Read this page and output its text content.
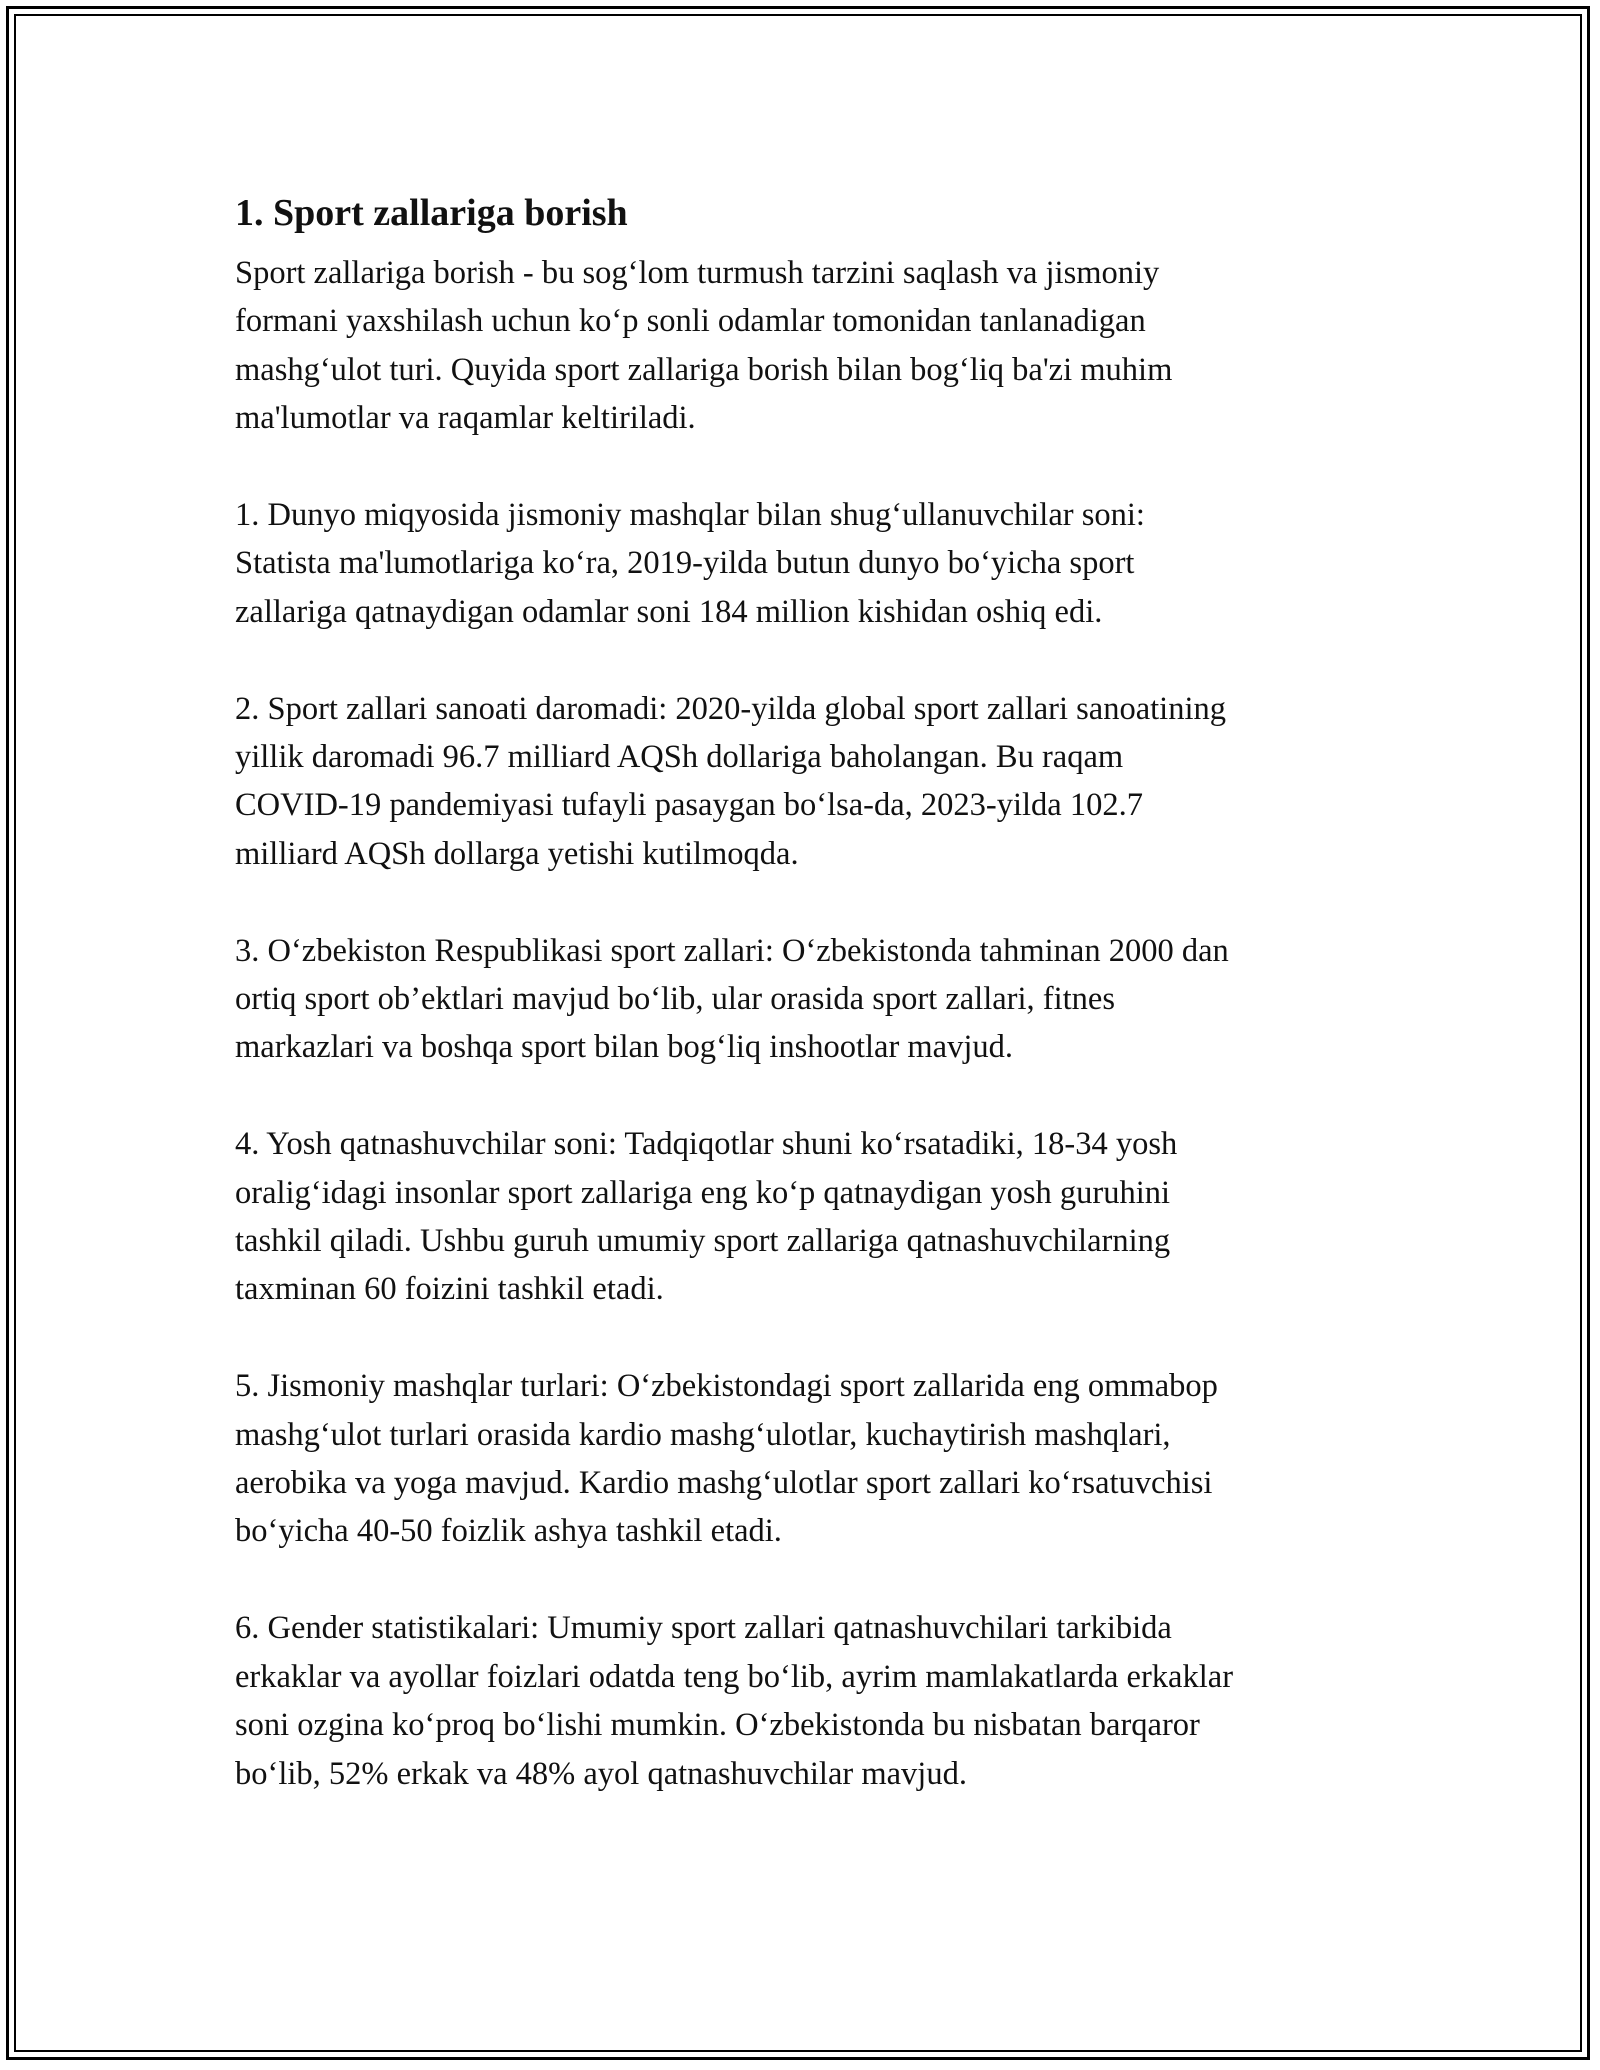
1. Sport zallariga borish
Sport zallariga borish - bu sog‘lom turmush tarzini saqlash va jismoniy
formani yaxshilash uchun ko‘p sonli odamlar tomonidan tanlanadigan
mashg‘ulot turi. Quyida sport zallariga borish bilan bog‘liq ba'zi muhim
ma'lumotlar va raqamlar keltiriladi.
1. Dunyo miqyosida jismoniy mashqlar bilan shug‘ullanuvchilar soni:
Statista ma'lumotlariga ko‘ra, 2019-yilda butun dunyo bo‘yicha sport
zallariga qatnaydigan odamlar soni 184 million kishidan oshiq edi.
2. Sport zallari sanoati daromadi: 2020-yilda global sport zallari sanoatining
yillik daromadi 96.7 milliard AQSh dollariga baholangan. Bu raqam
COVID-19 pandemiyasi tufayli pasaygan bo‘lsa-da, 2023-yilda 102.7
milliard AQSh dollarga yetishi kutilmoqda.
3. O‘zbekiston Respublikasi sport zallari: O‘zbekistonda tahminan 2000 dan
ortiq sport ob’ektlari mavjud bo‘lib, ular orasida sport zallari, fitnes
markazlari va boshqa sport bilan bog‘liq inshootlar mavjud.
4. Yosh qatnashuvchilar soni: Tadqiqotlar shuni ko‘rsatadiki, 18-34 yosh
oralig‘idagi insonlar sport zallariga eng ko‘p qatnaydigan yosh guruhini
tashkil qiladi. Ushbu guruh umumiy sport zallariga qatnashuvchilarning
taxminan 60 foizini tashkil etadi.
5. Jismoniy mashqlar turlari: O‘zbekistondagi sport zallarida eng ommabop
mashg‘ulot turlari orasida kardio mashg‘ulotlar, kuchaytirish mashqlari,
aerobika va yoga mavjud. Kardio mashg‘ulotlar sport zallari ko‘rsatuvchisi
bo‘yicha 40-50 foizlik ashya tashkil etadi.
6. Gender statistikalari: Umumiy sport zallari qatnashuvchilari tarkibida
erkaklar va ayollar foizlari odatda teng bo‘lib, ayrim mamlakatlarda erkaklar
soni ozgina ko‘proq bo‘lishi mumkin. O‘zbekistonda bu nisbatan barqaror
bo‘lib, 52% erkak va 48% ayol qatnashuvchilar mavjud.
